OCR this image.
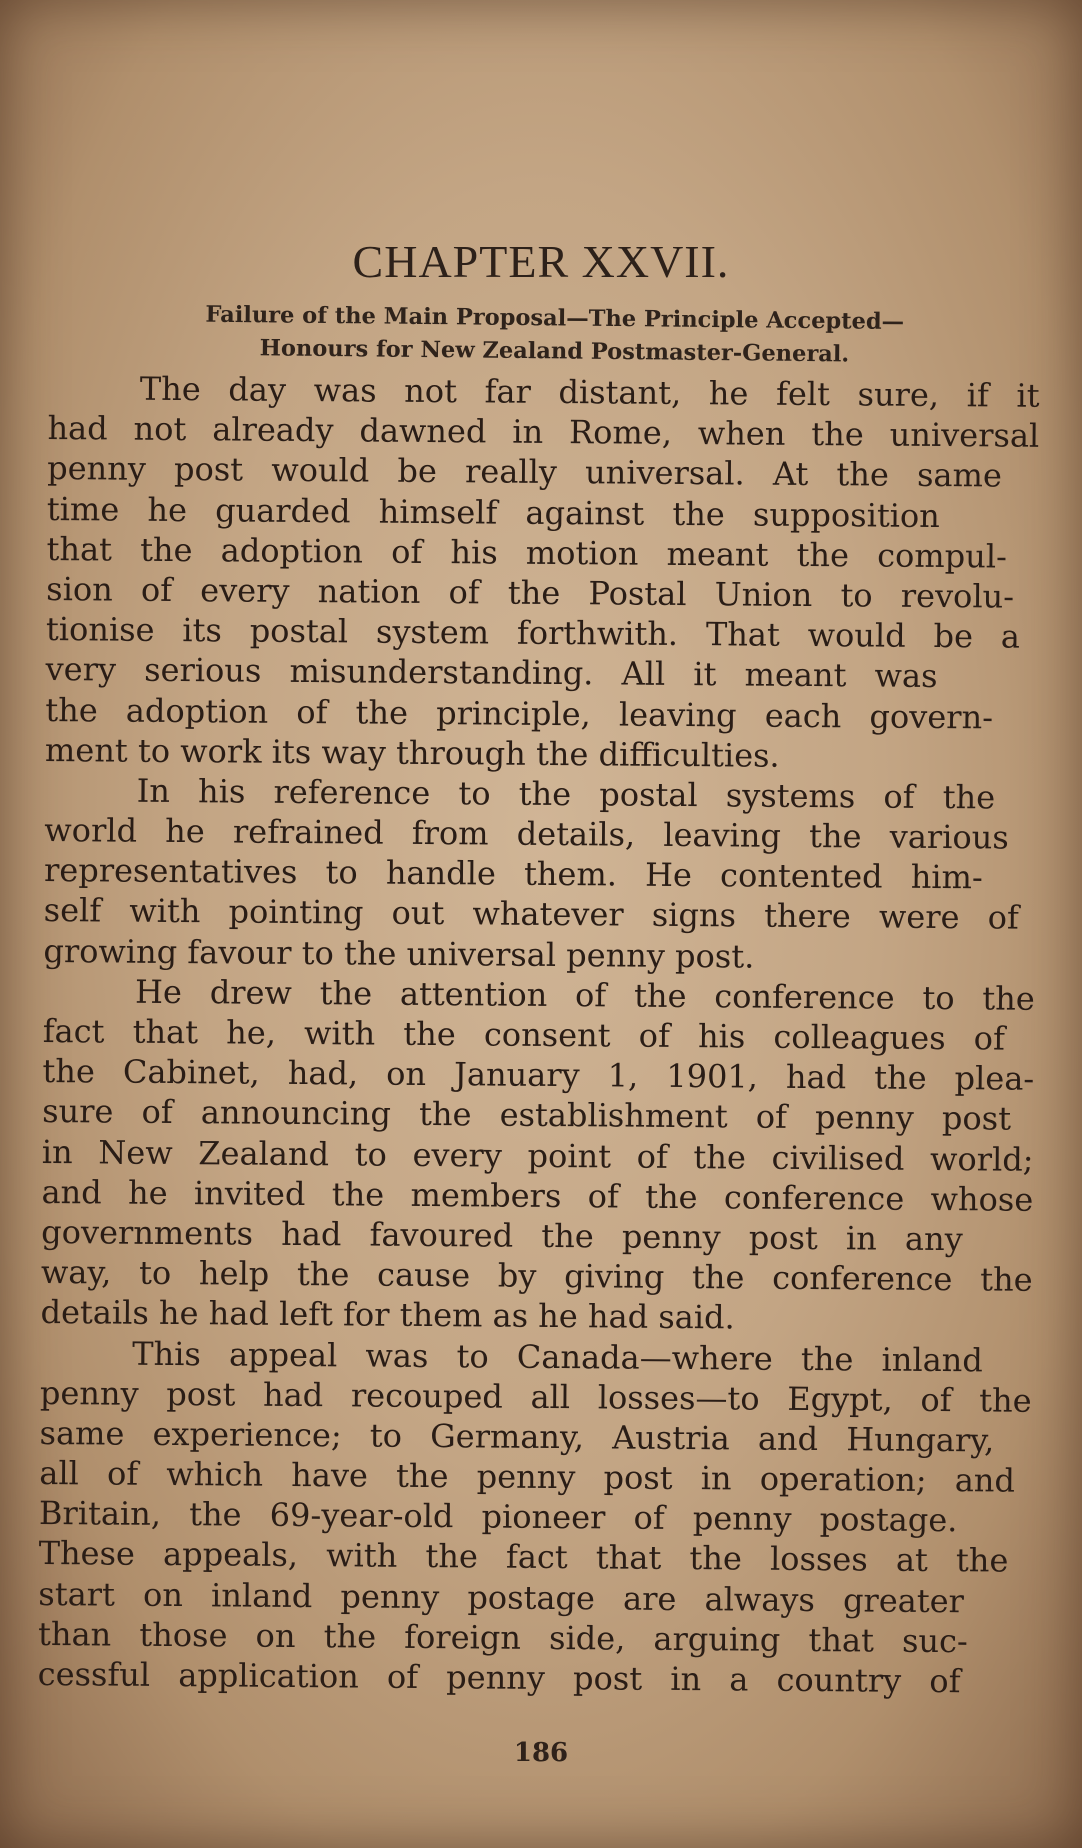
CHAPTER XXVII.
Failure of the Main Proposal—The Principle Accepted—
Honours for New Zealand Postmaster-General.
The day was not far distant, he felt sure, if it
had not already dawned in Rome, when the universal
penny post would be really universal. At the same
time he guarded himself against the supposition
that the adoption of his motion meant the compul-
sion of every nation of the Postal Union to revolu-
tionise its postal system forthwith. That would be a
very serious misunderstanding. All it meant was
the adoption of the principle, leaving each govern-
ment to work its way through the difficulties.
In his reference to the postal systems of the
world he refrained from details, leaving the various
representatives to handle them. He contented him-
self with pointing out whatever signs there were of
growing favour to the universal penny post.
He drew the attention of the conference to the
fact that he, with the consent of his colleagues of
the Cabinet, had, on January 1, 1901, had the plea-
sure of announcing the establishment of penny post
in New Zealand to every point of the civilised world;
and he invited the members of the conference whose
governments had favoured the penny post in any
way, to help the cause by giving the conference the
details he had left for them as he had said.
This appeal was to Canada—where the inland
penny post had recouped all losses—to Egypt, of the
same experience; to Germany, Austria and Hungary,
all of which have the penny post in operation; and
Britain, the 69-year-old pioneer of penny postage.
These appeals, with the fact that the losses at the
start on inland penny postage are always greater
than those on the foreign side, arguing that suc-
cessful application of penny post in a country of
186
